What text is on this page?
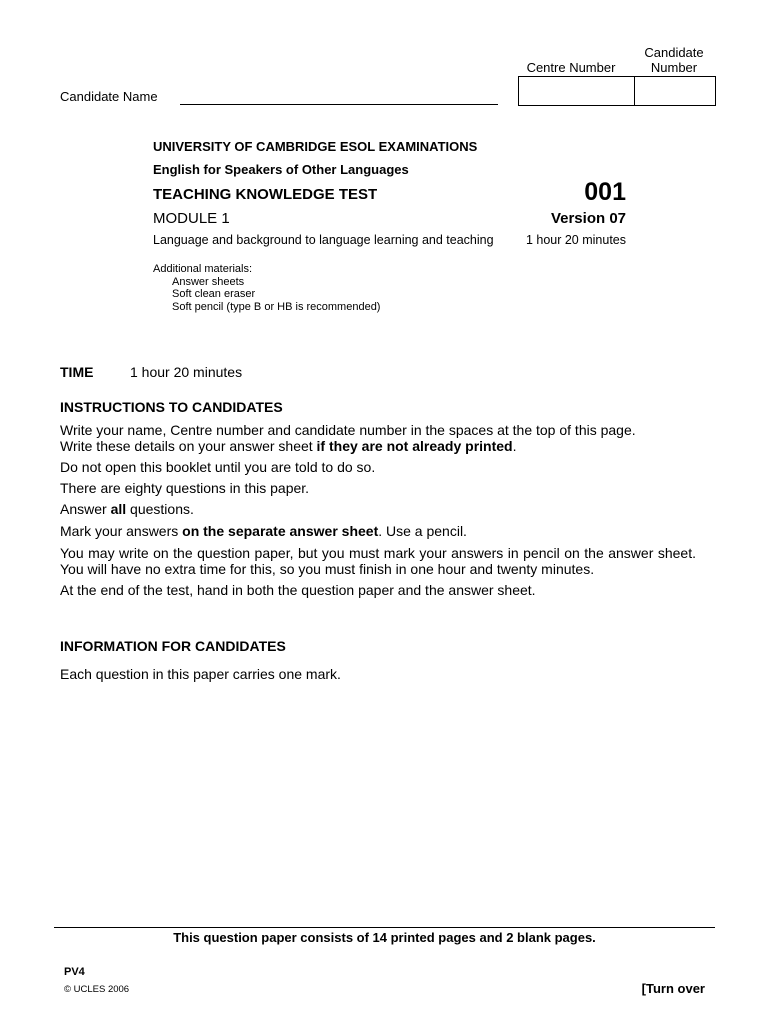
Candidate
Number
Centre Number
Candidate Name
UNIVERSITY OF CAMBRIDGE ESOL EXAMINATIONS
English for Speakers of Other Languages
TEACHING KNOWLEDGE TEST	001
MODULE 1	Version 07
Language and background to language learning and teaching	1 hour 20 minutes
Additional materials:
Answer sheets
Soft clean eraser
Soft pencil (type B or HB is recommended)
TIME	1 hour 20 minutes
INSTRUCTIONS TO CANDIDATES
Write your name, Centre number and candidate number in the spaces at the top of this page.
Write these details on your answer sheet if they are not already printed.
Do not open this booklet until you are told to do so.
There are eighty questions in this paper.
Answer all questions.
Mark your answers on the separate answer sheet. Use a pencil.
You may write on the question paper, but you must mark your answers in pencil on the answer sheet. You will have no extra time for this, so you must finish in one hour and twenty minutes.
At the end of the test, hand in both the question paper and the answer sheet.
INFORMATION FOR CANDIDATES
Each question in this paper carries one mark.
This question paper consists of 14 printed pages and 2 blank pages.
PV4
© UCLES 2006	[Turn over
